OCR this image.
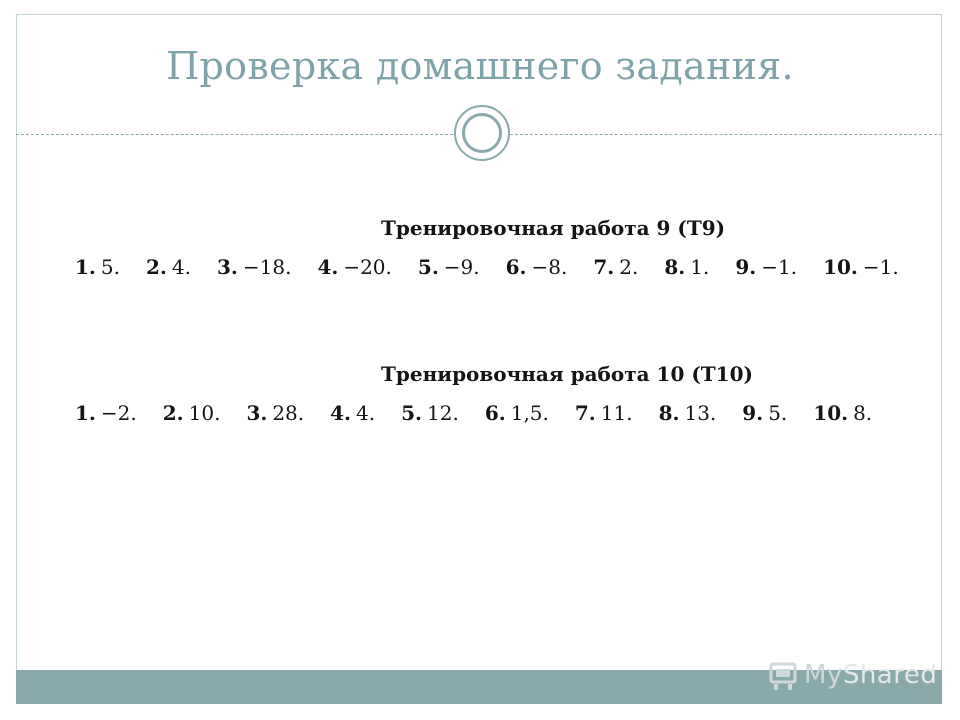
Проверка домашнего задания.
Тренировочная работа 9 (Т9)
1. 5. 2. 4. 3. −18. 4. −20. 5. −9. 6. −8. 7. 2. 8. 1. 9. −1. 10. −1.
Тренировочная работа 10 (Т10)
1. −2. 2. 10. 3. 28. 4. 4. 5. 12. 6. 1,5. 7. 11. 8. 13. 9. 5. 10. 8.
MyShared
